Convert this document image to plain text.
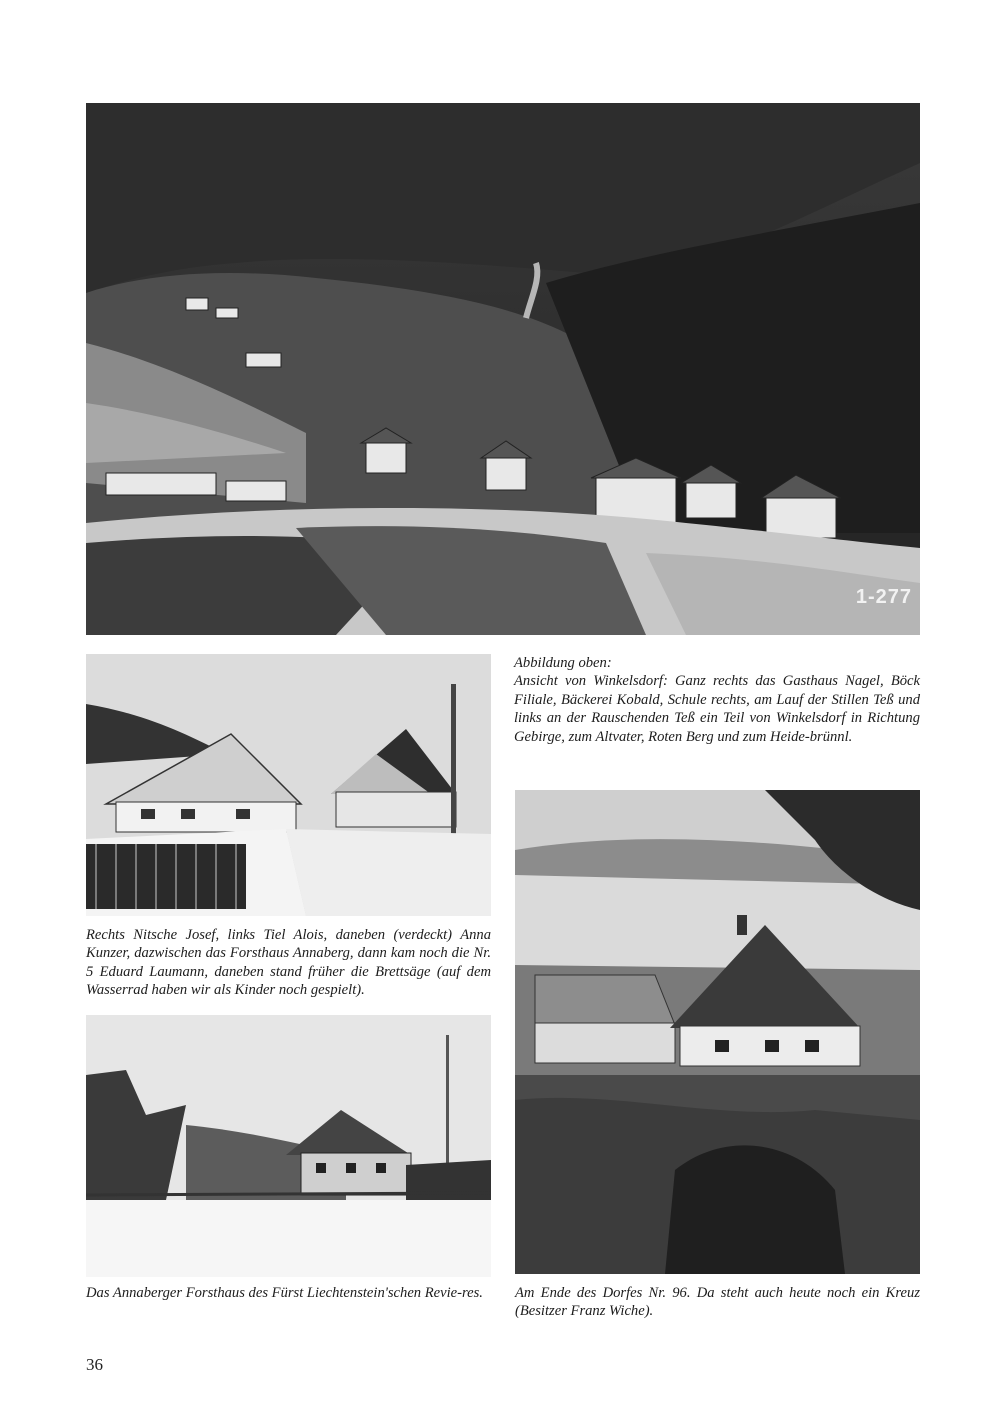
1-277

Abbildung oben:

Ansicht von Winkelsdorf: Ganz rechts das Gasthaus Nagel, Böck Filiale, Bäckerei Kobald, Schule rechts, am Lauf der Stillen Teß und links an der Rauschenden Teß ein Teil von Winkelsdorf in Richtung Gebirge, zum Altvater, Roten Berg und zum Heide-brünnl.

Rechts Nitsche Josef, links Tiel Alois, daneben (verdeckt) Anna Kunzer, dazwischen das Forsthaus Annaberg, dann kam noch die Nr. 5 Eduard Laumann, daneben stand früher die Brettsäge (auf dem Wasserrad haben wir als Kinder noch gespielt).
Das Annaberger Forsthaus des Fürst Liechtenstein'schen Revie-res.	Am Ende des Dorfes Nr. 96. Da steht auch heute noch ein Kreuz (Besitzer Franz Wiche).
36
